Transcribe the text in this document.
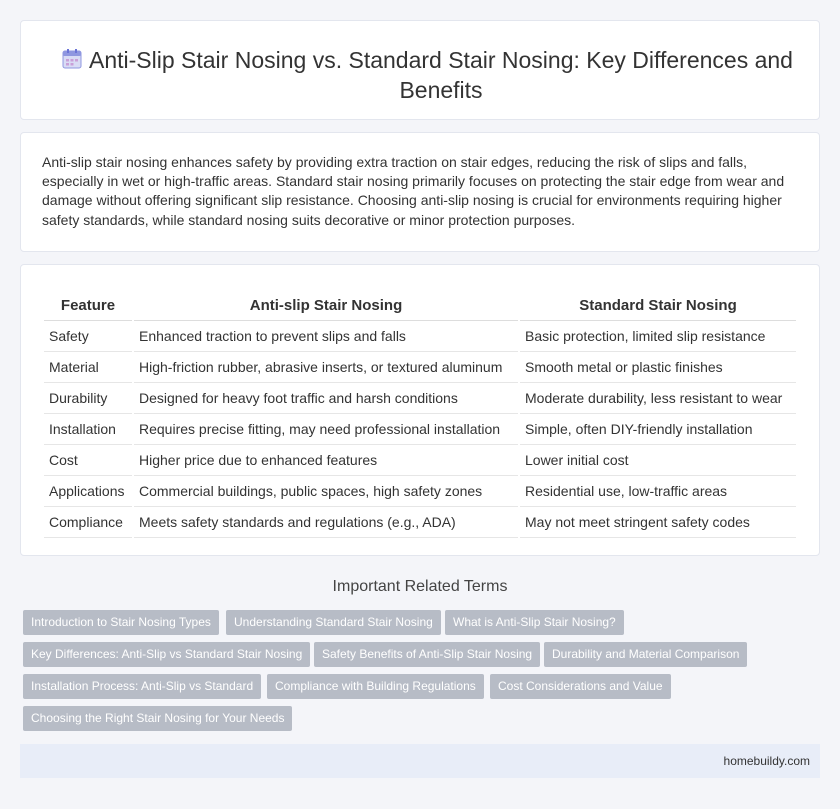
Anti-Slip Stair Nosing vs. Standard Stair Nosing: Key Differences and Benefits

Anti-slip stair nosing enhances safety by providing extra traction on stair edges, reducing the risk of slips and falls, especially in wet or high-traffic areas. Standard stair nosing primarily focuses on protecting the stair edge from wear and damage without offering significant slip resistance. Choosing anti-slip nosing is crucial for environments requiring higher safety standards, while standard nosing suits decorative or minor protection purposes.

Feature	Anti-slip Stair Nosing	Standard Stair Nosing
Safety	Enhanced traction to prevent slips and falls	Basic protection, limited slip resistance
Material	High-friction rubber, abrasive inserts, or textured aluminum	Smooth metal or plastic finishes
Durability	Designed for heavy foot traffic and harsh conditions	Moderate durability, less resistant to wear
Installation	Requires precise fitting, may need professional installation	Simple, often DIY-friendly installation
Cost	Higher price due to enhanced features	Lower initial cost
Applications	Commercial buildings, public spaces, high safety zones	Residential use, low-traffic areas
Compliance	Meets safety standards and regulations (e.g., ADA)	May not meet stringent safety codes
Important Related Terms
Introduction to Stair Nosing Types	Understanding Standard Stair Nosing	What is Anti-Slip Stair Nosing?
Key Differences: Anti-Slip vs Standard Stair Nosing	Safety Benefits of Anti-Slip Stair Nosing	Durability and Material Comparison
Installation Process: Anti-Slip vs Standard	Compliance with Building Regulations	Cost Considerations and Value
Choosing the Right Stair Nosing for Your Needs
homebuildy.com
